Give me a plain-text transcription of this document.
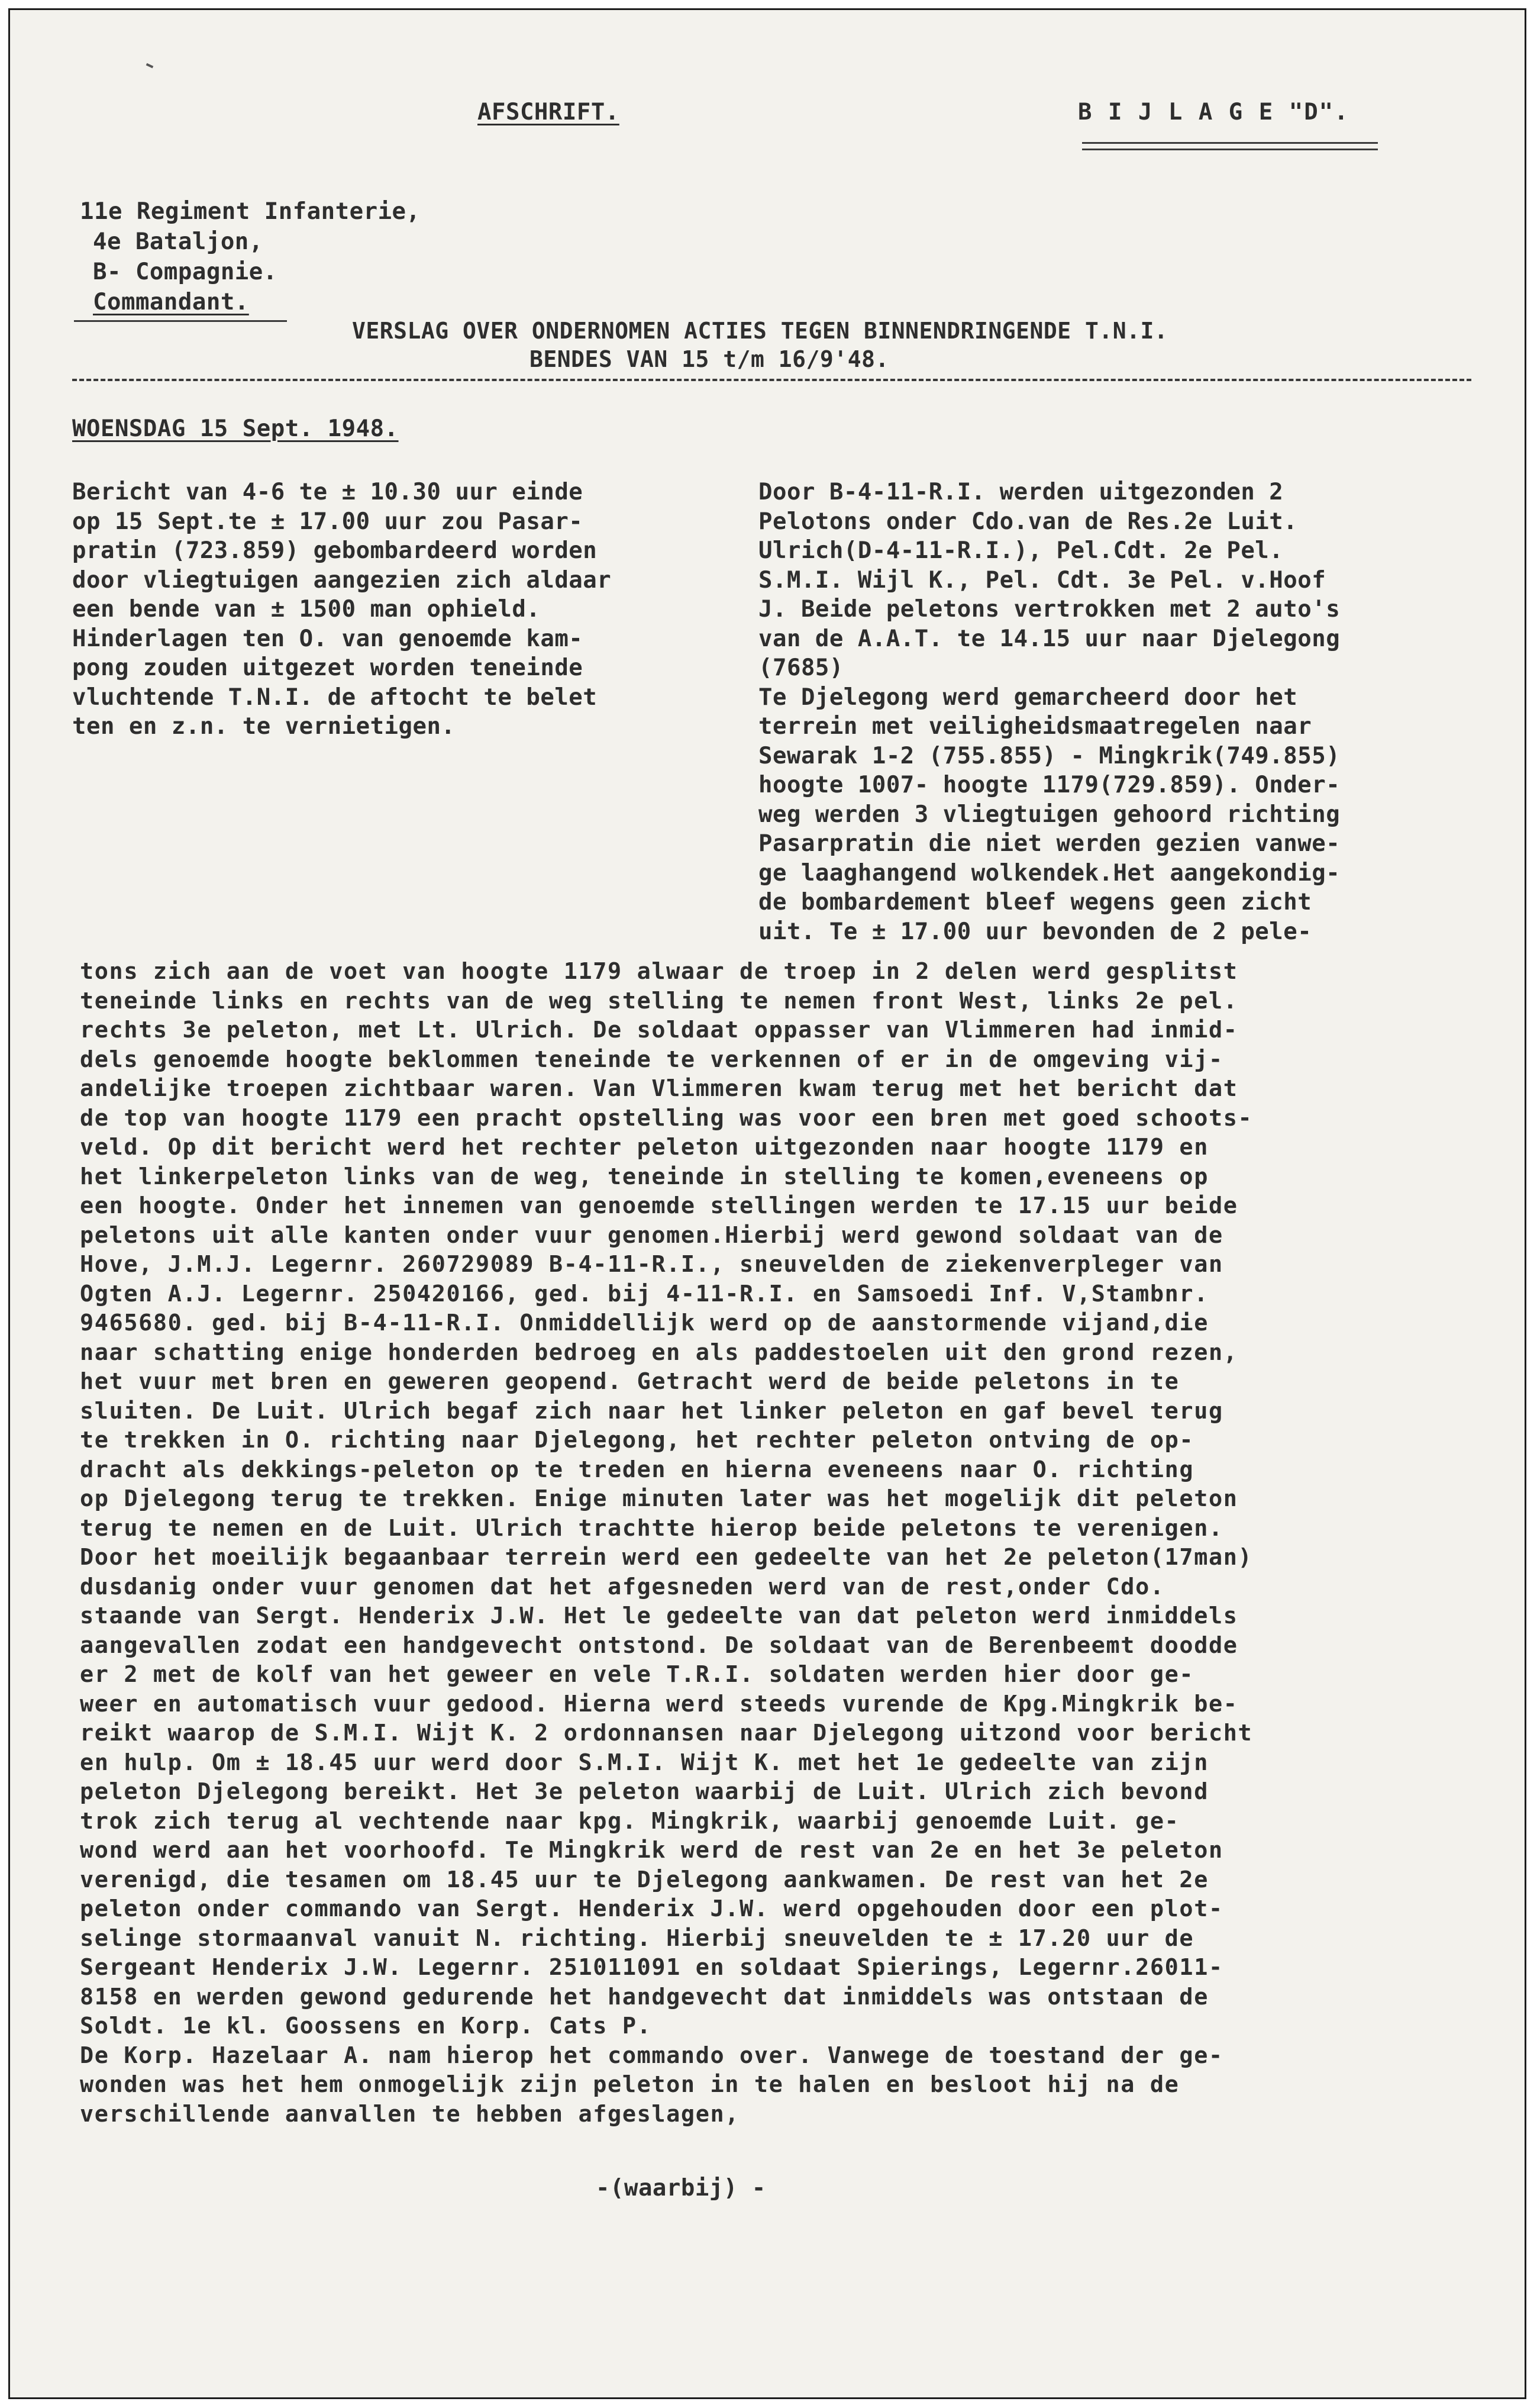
AFSCHRIFT.	B I J L A G E "D".
11e Regiment Infanterie,
4e Bataljon,
B- Compagnie.
Commandant.
VERSLAG OVER ONDERNOMEN ACTIES TEGEN BINNENDRINGENDE T.N.I.
BENDES VAN 15 t/m 16/9'48.
WOENSDAG 15 Sept. 1948.
Bericht van 4-6 te ± 10.30 uur einde
op 15 Sept.te ± 17.00 uur zou Pasar-
pratin (723.859) gebombardeerd worden
door vliegtuigen aangezien zich aldaar
een bende van ± 1500 man ophield.
Hinderlagen ten O. van genoemde kam-
pong zouden uitgezet worden teneinde
vluchtende T.N.I. de aftocht te belet
ten en z.n. te vernietigen.
Door B-4-11-R.I. werden uitgezonden 2
Pelotons onder Cdo.van de Res.2e Luit.
Ulrich(D-4-11-R.I.), Pel.Cdt. 2e Pel.
S.M.I. Wijl K., Pel. Cdt. 3e Pel. v.Hoof
J. Beide peletons vertrokken met 2 auto's
van de A.A.T. te 14.15 uur naar Djelegong
(7685)
Te Djelegong werd gemarcheerd door het
terrein met veiligheidsmaatregelen naar
Sewarak 1-2 (755.855) - Mingkrik(749.855)
hoogte 1007- hoogte 1179(729.859). Onder-
weg werden 3 vliegtuigen gehoord richting
Pasarpratin die niet werden gezien vanwe-
ge laaghangend wolkendek.Het aangekondig-
de bombardement bleef wegens geen zicht
uit. Te ± 17.00 uur bevonden de 2 pele-
tons zich aan de voet van hoogte 1179 alwaar de troep in 2 delen werd gesplitst
teneinde links en rechts van de weg stelling te nemen front West, links 2e pel.
rechts 3e peleton, met Lt. Ulrich. De soldaat oppasser van Vlimmeren had inmid-
dels genoemde hoogte beklommen teneinde te verkennen of er in de omgeving vij-
andelijke troepen zichtbaar waren. Van Vlimmeren kwam terug met het bericht dat
de top van hoogte 1179 een pracht opstelling was voor een bren met goed schoots-
veld. Op dit bericht werd het rechter peleton uitgezonden naar hoogte 1179 en
het linkerpeleton links van de weg, teneinde in stelling te komen,eveneens op
een hoogte. Onder het innemen van genoemde stellingen werden te 17.15 uur beide
peletons uit alle kanten onder vuur genomen.Hierbij werd gewond soldaat van de
Hove, J.M.J. Legernr. 260729089 B-4-11-R.I., sneuvelden de ziekenverpleger van
Ogten A.J. Legernr. 250420166, ged. bij 4-11-R.I. en Samsoedi Inf. V,Stambnr.
9465680. ged. bij B-4-11-R.I. Onmiddellijk werd op de aanstormende vijand,die
naar schatting enige honderden bedroeg en als paddestoelen uit den grond rezen,
het vuur met bren en geweren geopend. Getracht werd de beide peletons in te
sluiten. De Luit. Ulrich begaf zich naar het linker peleton en gaf bevel terug
te trekken in O. richting naar Djelegong, het rechter peleton ontving de op-
dracht als dekkings-peleton op te treden en hierna eveneens naar O. richting
op Djelegong terug te trekken. Enige minuten later was het mogelijk dit peleton
terug te nemen en de Luit. Ulrich trachtte hierop beide peletons te verenigen.
Door het moeilijk begaanbaar terrein werd een gedeelte van het 2e peleton(17man)
dusdanig onder vuur genomen dat het afgesneden werd van de rest,onder Cdo.
staande van Sergt. Henderix J.W. Het le gedeelte van dat peleton werd inmiddels
aangevallen zodat een handgevecht ontstond. De soldaat van de Berenbeemt doodde
er 2 met de kolf van het geweer en vele T.R.I. soldaten werden hier door ge-
weer en automatisch vuur gedood. Hierna werd steeds vurende de Kpg.Mingkrik be-
reikt waarop de S.M.I. Wijt K. 2 ordonnansen naar Djelegong uitzond voor bericht
en hulp. Om ± 18.45 uur werd door S.M.I. Wijt K. met het 1e gedeelte van zijn
peleton Djelegong bereikt. Het 3e peleton waarbij de Luit. Ulrich zich bevond
trok zich terug al vechtende naar kpg. Mingkrik, waarbij genoemde Luit. ge-
wond werd aan het voorhoofd. Te Mingkrik werd de rest van 2e en het 3e peleton
verenigd, die tesamen om 18.45 uur te Djelegong aankwamen. De rest van het 2e
peleton onder commando van Sergt. Henderix J.W. werd opgehouden door een plot-
selinge stormaanval vanuit N. richting. Hierbij sneuvelden te ± 17.20 uur de
Sergeant Henderix J.W. Legernr. 251011091 en soldaat Spierings, Legernr.26011-
8158 en werden gewond gedurende het handgevecht dat inmiddels was ontstaan de
Soldt. 1e kl. Goossens en Korp. Cats P.
De Korp. Hazelaar A. nam hierop het commando over. Vanwege de toestand der ge-
wonden was het hem onmogelijk zijn peleton in te halen en besloot hij na de
verschillende aanvallen te hebben afgeslagen,
-(waarbij) -
